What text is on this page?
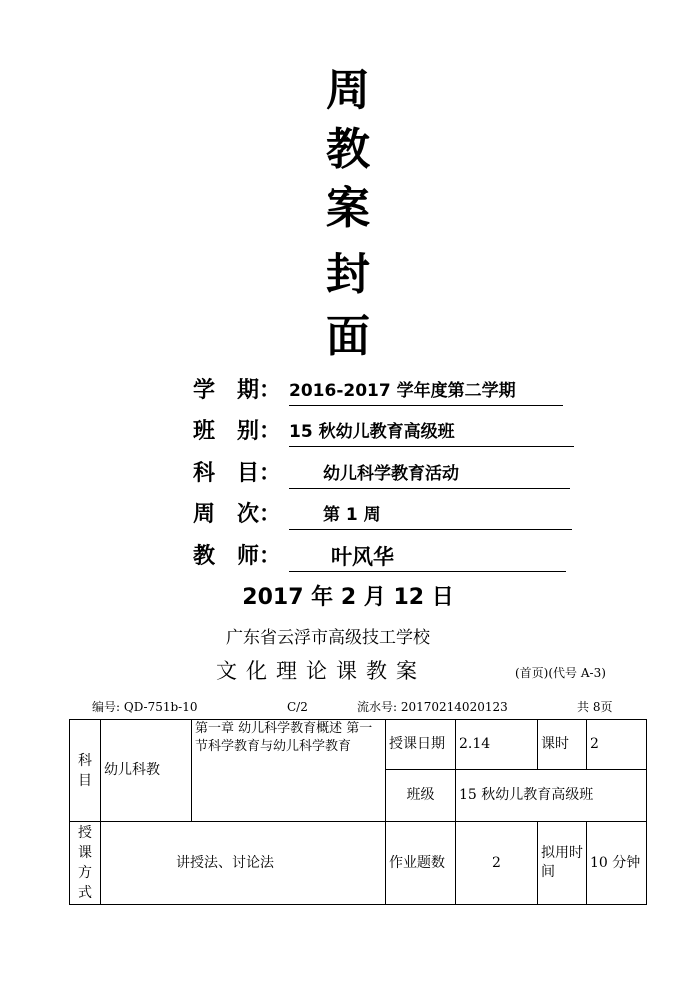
周
教
案
封
面
学　期： 2016-2017 学年度第二学期
班　别： 15 秋幼儿教育高级班
科　目： 　　幼儿科学教育活动
周　次： 　　第 1 周
教　师： 　　叶风华
2017 年 2 月 12 日
广东省云浮市高级技工学校
文化理论课教案	(首页)(代号 A-3)
编号: QD-751b-10	C/2	流水号: 20170214020123	共 8页
科
目	幼儿科教	第一章 幼儿科学教育概述 第一节科学教育与幼儿科学教育	授课日期	2.14	课时	2
			班级	15 秋幼儿教育高级班		

授
课
方
式	讲授法、讨论法		作业题数	2	拟用时间	10 分钟
